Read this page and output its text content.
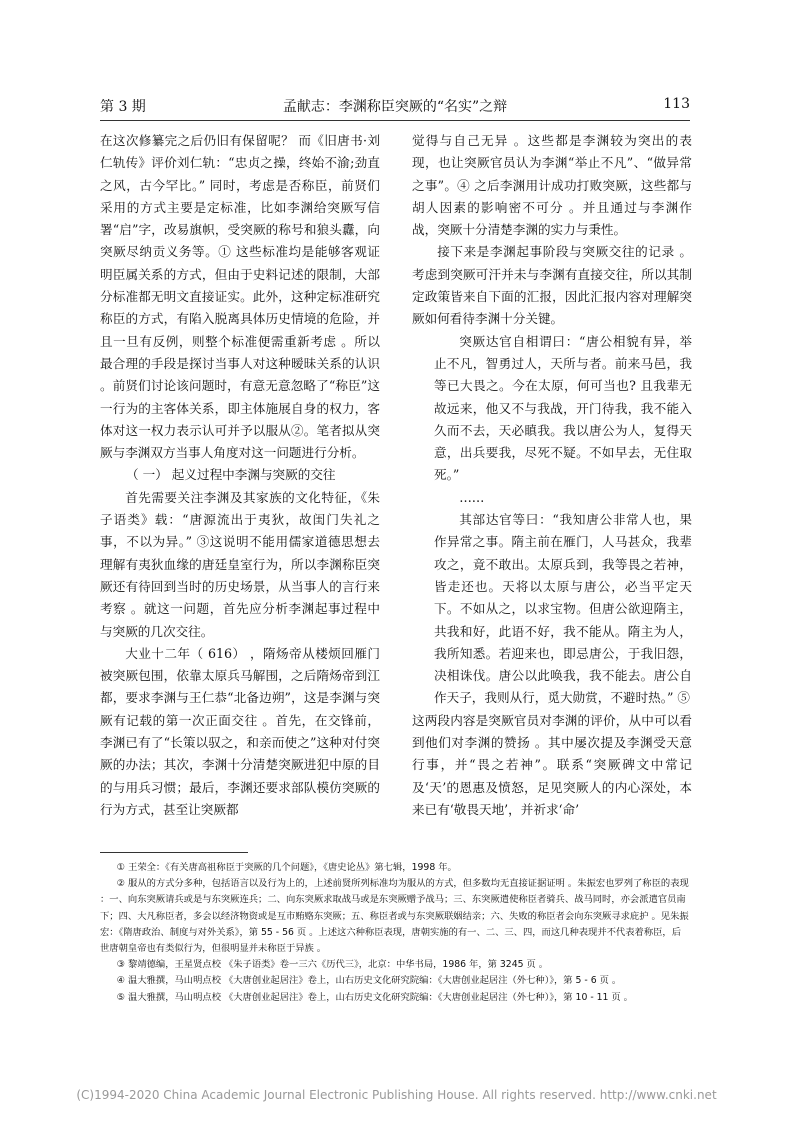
第 3 期	孟献志：李渊称臣突厥的“名实”之辩	113

在这次修纂完之后仍旧有保留呢？ 而《旧唐书·刘仁轨传》评价刘仁轨：“忠贞之操，终始不渝;劲直之风，古今罕比。” 同时，考虑是否称臣，前贤们采用的方式主要是定标准，比如李渊给突厥写信署“启”字，改易旗帜，受突厥的称号和狼头纛，向突厥尽纳贡义务等。① 这些标准均是能够客观证明臣属关系的方式，但由于史料记述的限制，大部分标准都无明文直接证实。此外，这种定标准研究称臣的方式，有陷入脱离具体历史情境的危险，并且一旦有反例，则整个标准便需重新考虑 。所以最合理的手段是探讨当事人对这种暧昧关系的认识 。前贤们讨论该问题时，有意无意忽略了“称臣”这一行为的主客体关系，即主体施展自身的权力，客体对这一权力表示认可并予以服从②。笔者拟从突厥与李渊双方当事人角度对这一问题进行分析。

（ 一） 起义过程中李渊与突厥的交往

首先需要关注李渊及其家族的文化特征，《朱子语类》载：“唐源流出于夷狄，故闺门失礼之事，不以为异。” ③这说明不能用儒家道德思想去理解有夷狄血缘的唐廷皇室行为，所以李渊称臣突厥还有待回到当时的历史场景，从当事人的言行来考察 。就这一问题，首先应分析李渊起事过程中与突厥的几次交往。

大业十二年（ 616） ，隋炀帝从楼烦回雁门被突厥包围，依靠太原兵马解围，之后隋炀帝到江都，要求李渊与王仁恭“北备边朔”，这是李渊与突厥有记载的第一次正面交往 。首先，在交锋前，李渊已有了“长策以驭之，和亲而使之”这种对付突厥的办法；其次，李渊十分清楚突厥进犯中原的目的与用兵习惯；最后，李渊还要求部队模仿突厥的行为方式，甚至让突厥都

觉得与自己无异 。这些都是李渊较为突出的表现，也让突厥官员认为李渊“举止不凡”、“做异常之事”。④ 之后李渊用计成功打败突厥，这些都与胡人因素的影响密不可分 。并且通过与李渊作战，突厥十分清楚李渊的实力与秉性。

接下来是李渊起事阶段与突厥交往的记录 。考虑到突厥可汗并未与李渊有直接交往，所以其制定政策皆来自下面的汇报，因此汇报内容对理解突厥如何看待李渊十分关键。

突厥达官自相谓曰：“唐公相貌有异，举止不凡，智勇过人，天所与者。前来马邑，我等已大畏之。今在太原，何可当也? 且我辈无故远来，他又不与我战，开门待我，我不能入久而不去，天必瞋我。我以唐公为人，复得天意，出兵要我，尽死不疑。不如早去，无住取死。”

……

其部达官等曰：“我知唐公非常人也，果作异常之事。隋主前在雁门，人马甚众，我辈攻之，竟不敢出。太原兵到，我等畏之若神，皆走还也。天将以太原与唐公，必当平定天下。不如从之，以求宝物。但唐公欲迎隋主，共我和好，此语不好，我不能从。隋主为人，我所知悉。若迎来也，即忌唐公，于我旧怨，决相诛伐。唐公以此唤我，我不能去。唐公自作天子，我则从行，觅大勋赏，不避时热。” ⑤

这两段内容是突厥官员对李渊的评价，从中可以看到他们对李渊的赞扬 。其中屡次提及李渊受天意行事，并“畏之若神”。联系“突厥碑文中常记及‘天’的恩惠及愤怒，足见突厥人的内心深处，本来已有‘敬畏天地’，并祈求‘命’

① 王荣全：《有关唐高祖称臣于突厥的几个问题》，《唐史论丛》第七辑，1998 年。

② 服从的方式分多种，包括语言以及行为上的，上述前贤所列标准均为服从的方式，但多数均无直接证据证明 。朱振宏也罗列了称臣的表现 ：一、向东突厥请兵或是与东突厥连兵；二、向东突厥求取战马或是东突厥赠予战马；三、东突厥遣使称臣者骑兵、战马同时，亦会派遣官员南下；四、大凡称臣者，多会以经济物资或是互市贿赂东突厥；五、称臣者或与东突厥联姻结亲；六、失败的称臣者会向东突厥寻求庇护 。见朱振宏：《隋唐政治、制度与对外关系》，第 55 - 56 页 。上述这六种称臣表现，唐朝实施的有一、二、三、四，而这几种表现并不代表着称臣，后世唐朝皇帝也有类似行为，但很明显并未称臣于异族 。

③ 黎靖德编，王星贤点校 《朱子语类》卷一三六《历代三》，北京：中华书局，1986 年，第 3245 页 。

④ 温大雅撰，马山明点校 《大唐创业起居注》卷上，山右历史文化研究院编：《大唐创业起居注（外七种）》，第 5 - 6 页 。

⑤ 温大雅撰，马山明点校 《大唐创业起居注》卷上，山右历史文化研究院编：《大唐创业起居注（外七种）》，第 10 - 11 页 。

(C)1994-2020 China Academic Journal Electronic Publishing House. All rights reserved. http://www.cnki.net
